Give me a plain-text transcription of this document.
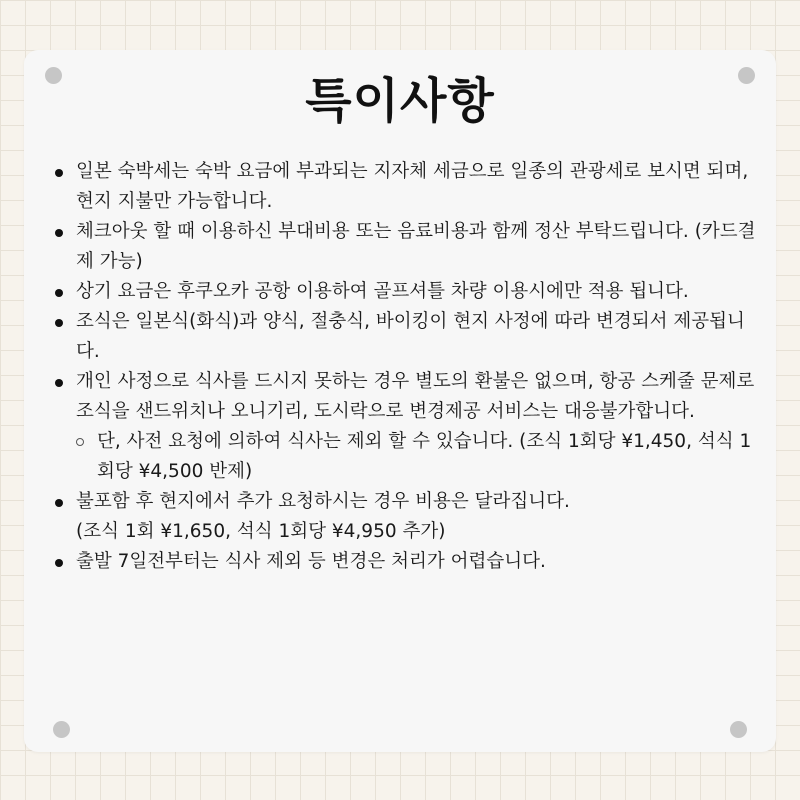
특이사항
일본 숙박세는 숙박 요금에 부과되는 지자체 세금으로 일종의 관광세로 보시면 되며, 현지 지불만 가능합니다.
체크아웃 할 때 이용하신 부대비용 또는 음료비용과 함께 정산 부탁드립니다. (카드결제 가능)
상기 요금은 후쿠오카 공항 이용하여 골프셔틀 차량 이용시에만 적용 됩니다.
조식은 일본식(화식)과 양식, 절충식, 바이킹이 현지 사정에 따라 변경되서 제공됩니다.
개인 사정으로 식사를 드시지 못하는 경우 별도의 환불은 없으며, 항공 스케줄 문제로 조식을 샌드위치나 오니기리, 도시락으로 변경제공 서비스는 대응불가합니다.
단, 사전 요청에 의하여 식사는 제외 할 수 있습니다. (조식 1회당 ¥1,450, 석식 1회당 ¥4,500 반제)
불포함 후 현지에서 추가 요청하시는 경우 비용은 달라집니다.
(조식 1회 ¥1,650, 석식 1회당 ¥4,950 추가)
출발 7일전부터는 식사 제외 등 변경은 처리가 어렵습니다.
